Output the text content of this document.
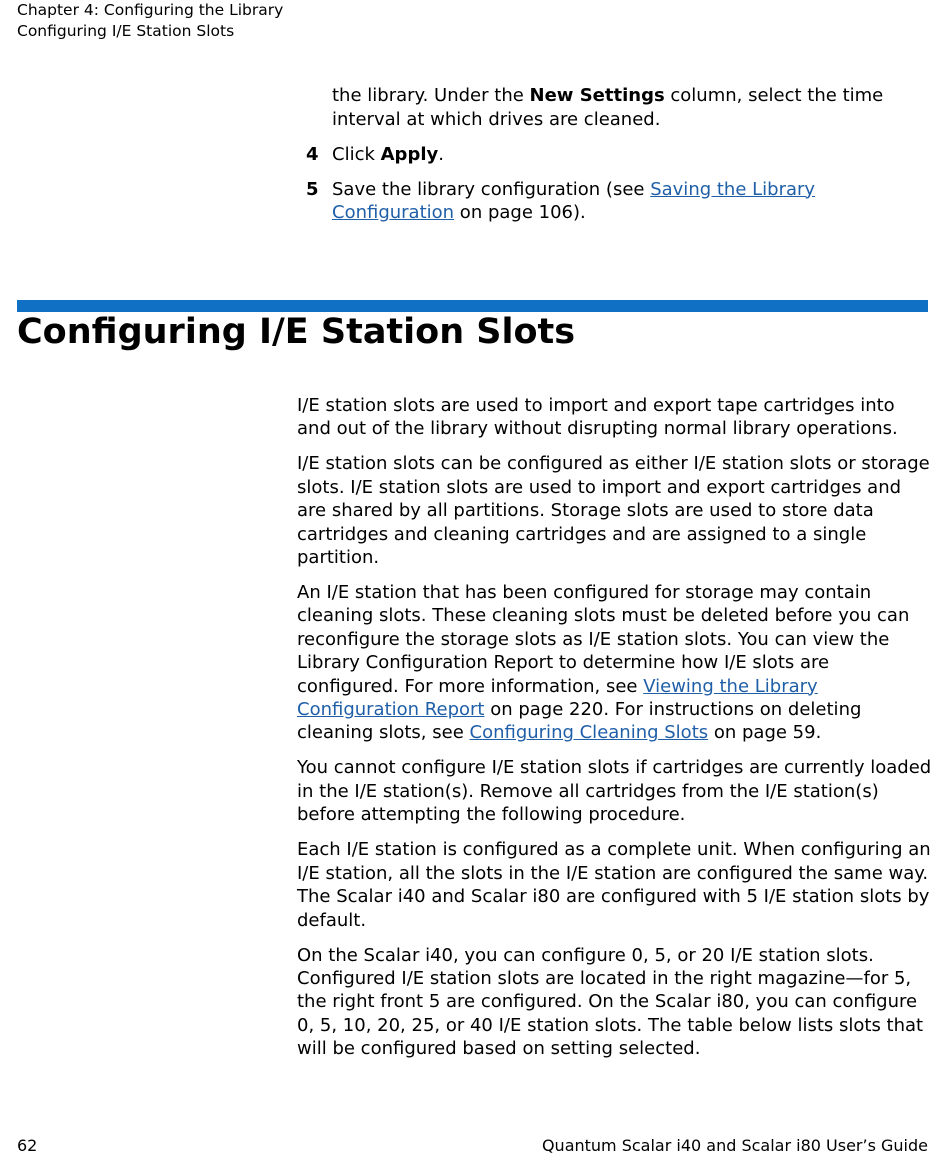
Chapter 4: Configuring the Library
Configuring I/E Station Slots
the library. Under the New Settings column, select the time interval at which drives are cleaned.
4 Click Apply.
5 Save the library configuration (see Saving the Library Configuration on page 106).
Configuring I/E Station Slots

I/E station slots are used to import and export tape cartridges into and out of the library without disrupting normal library operations.

I/E station slots can be configured as either I/E station slots or storage slots. I/E station slots are used to import and export cartridges and are shared by all partitions. Storage slots are used to store data cartridges and cleaning cartridges and are assigned to a single partition.

An I/E station that has been configured for storage may contain cleaning slots. These cleaning slots must be deleted before you can reconfigure the storage slots as I/E station slots. You can view the Library Configuration Report to determine how I/E slots are configured. For more information, see Viewing the Library Configuration Report on page 220. For instructions on deleting cleaning slots, see Configuring Cleaning Slots on page 59.

You cannot configure I/E station slots if cartridges are currently loaded in the I/E station(s). Remove all cartridges from the I/E station(s) before attempting the following procedure.

Each I/E station is configured as a complete unit. When configuring an I/E station, all the slots in the I/E station are configured the same way. The Scalar i40 and Scalar i80 are configured with 5 I/E station slots by default.

On the Scalar i40, you can configure 0, 5, or 20 I/E station slots. Configured I/E station slots are located in the right magazine—for 5, the right front 5 are configured. On the Scalar i80, you can configure 0, 5, 10, 20, 25, or 40 I/E station slots. The table below lists slots that will be configured based on setting selected.

62	Quantum Scalar i40 and Scalar i80 User’s Guide
